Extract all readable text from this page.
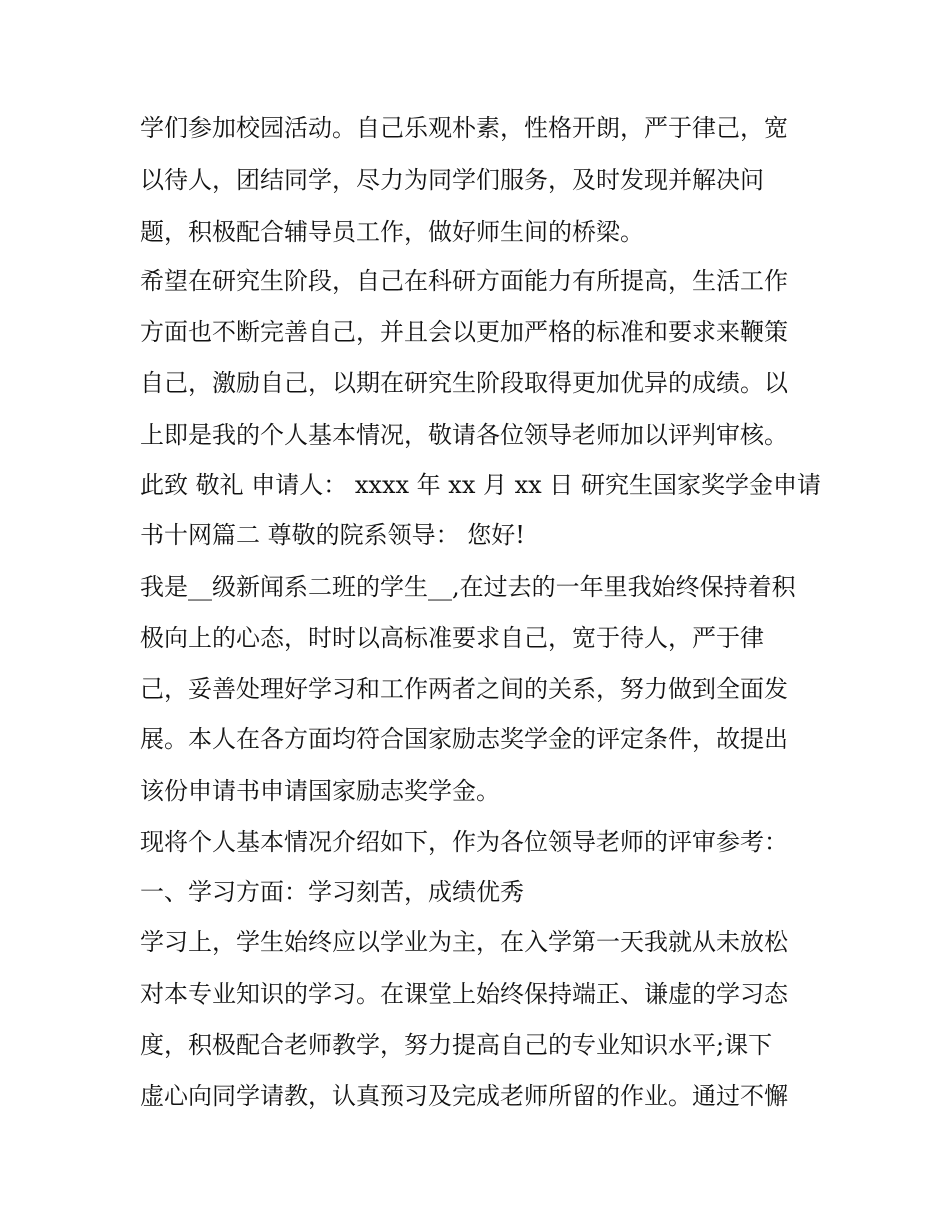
学们参加校园活动。自己乐观朴素，性格开朗，严于律己，宽
以待人，团结同学，尽力为同学们服务，及时发现并解决问
题，积极配合辅导员工作，做好师生间的桥梁。
希望在研究生阶段，自己在科研方面能力有所提高，生活工作
方面也不断完善自己，并且会以更加严格的标准和要求来鞭策
自己，激励自己，以期在研究生阶段取得更加优异的成绩。以
上即是我的个人基本情况，敬请各位领导老师加以评判审核。
此致 敬礼 申请人： xxxx 年 xx 月 xx 日 研究生国家奖学金申请
书十网篇二 尊敬的院系领导： 您好!
我是__级新闻系二班的学生__,在过去的一年里我始终保持着积
极向上的心态，时时以高标准要求自己，宽于待人，严于律
己，妥善处理好学习和工作两者之间的关系，努力做到全面发
展。本人在各方面均符合国家励志奖学金的评定条件，故提出
该份申请书申请国家励志奖学金。
现将个人基本情况介绍如下，作为各位领导老师的评审参考：
一、学习方面：学习刻苦，成绩优秀
学习上，学生始终应以学业为主，在入学第一天我就从未放松
对本专业知识的学习。在课堂上始终保持端正、谦虚的学习态
度，积极配合老师教学，努力提高自己的专业知识水平;课下
虚心向同学请教，认真预习及完成老师所留的作业。通过不懈
